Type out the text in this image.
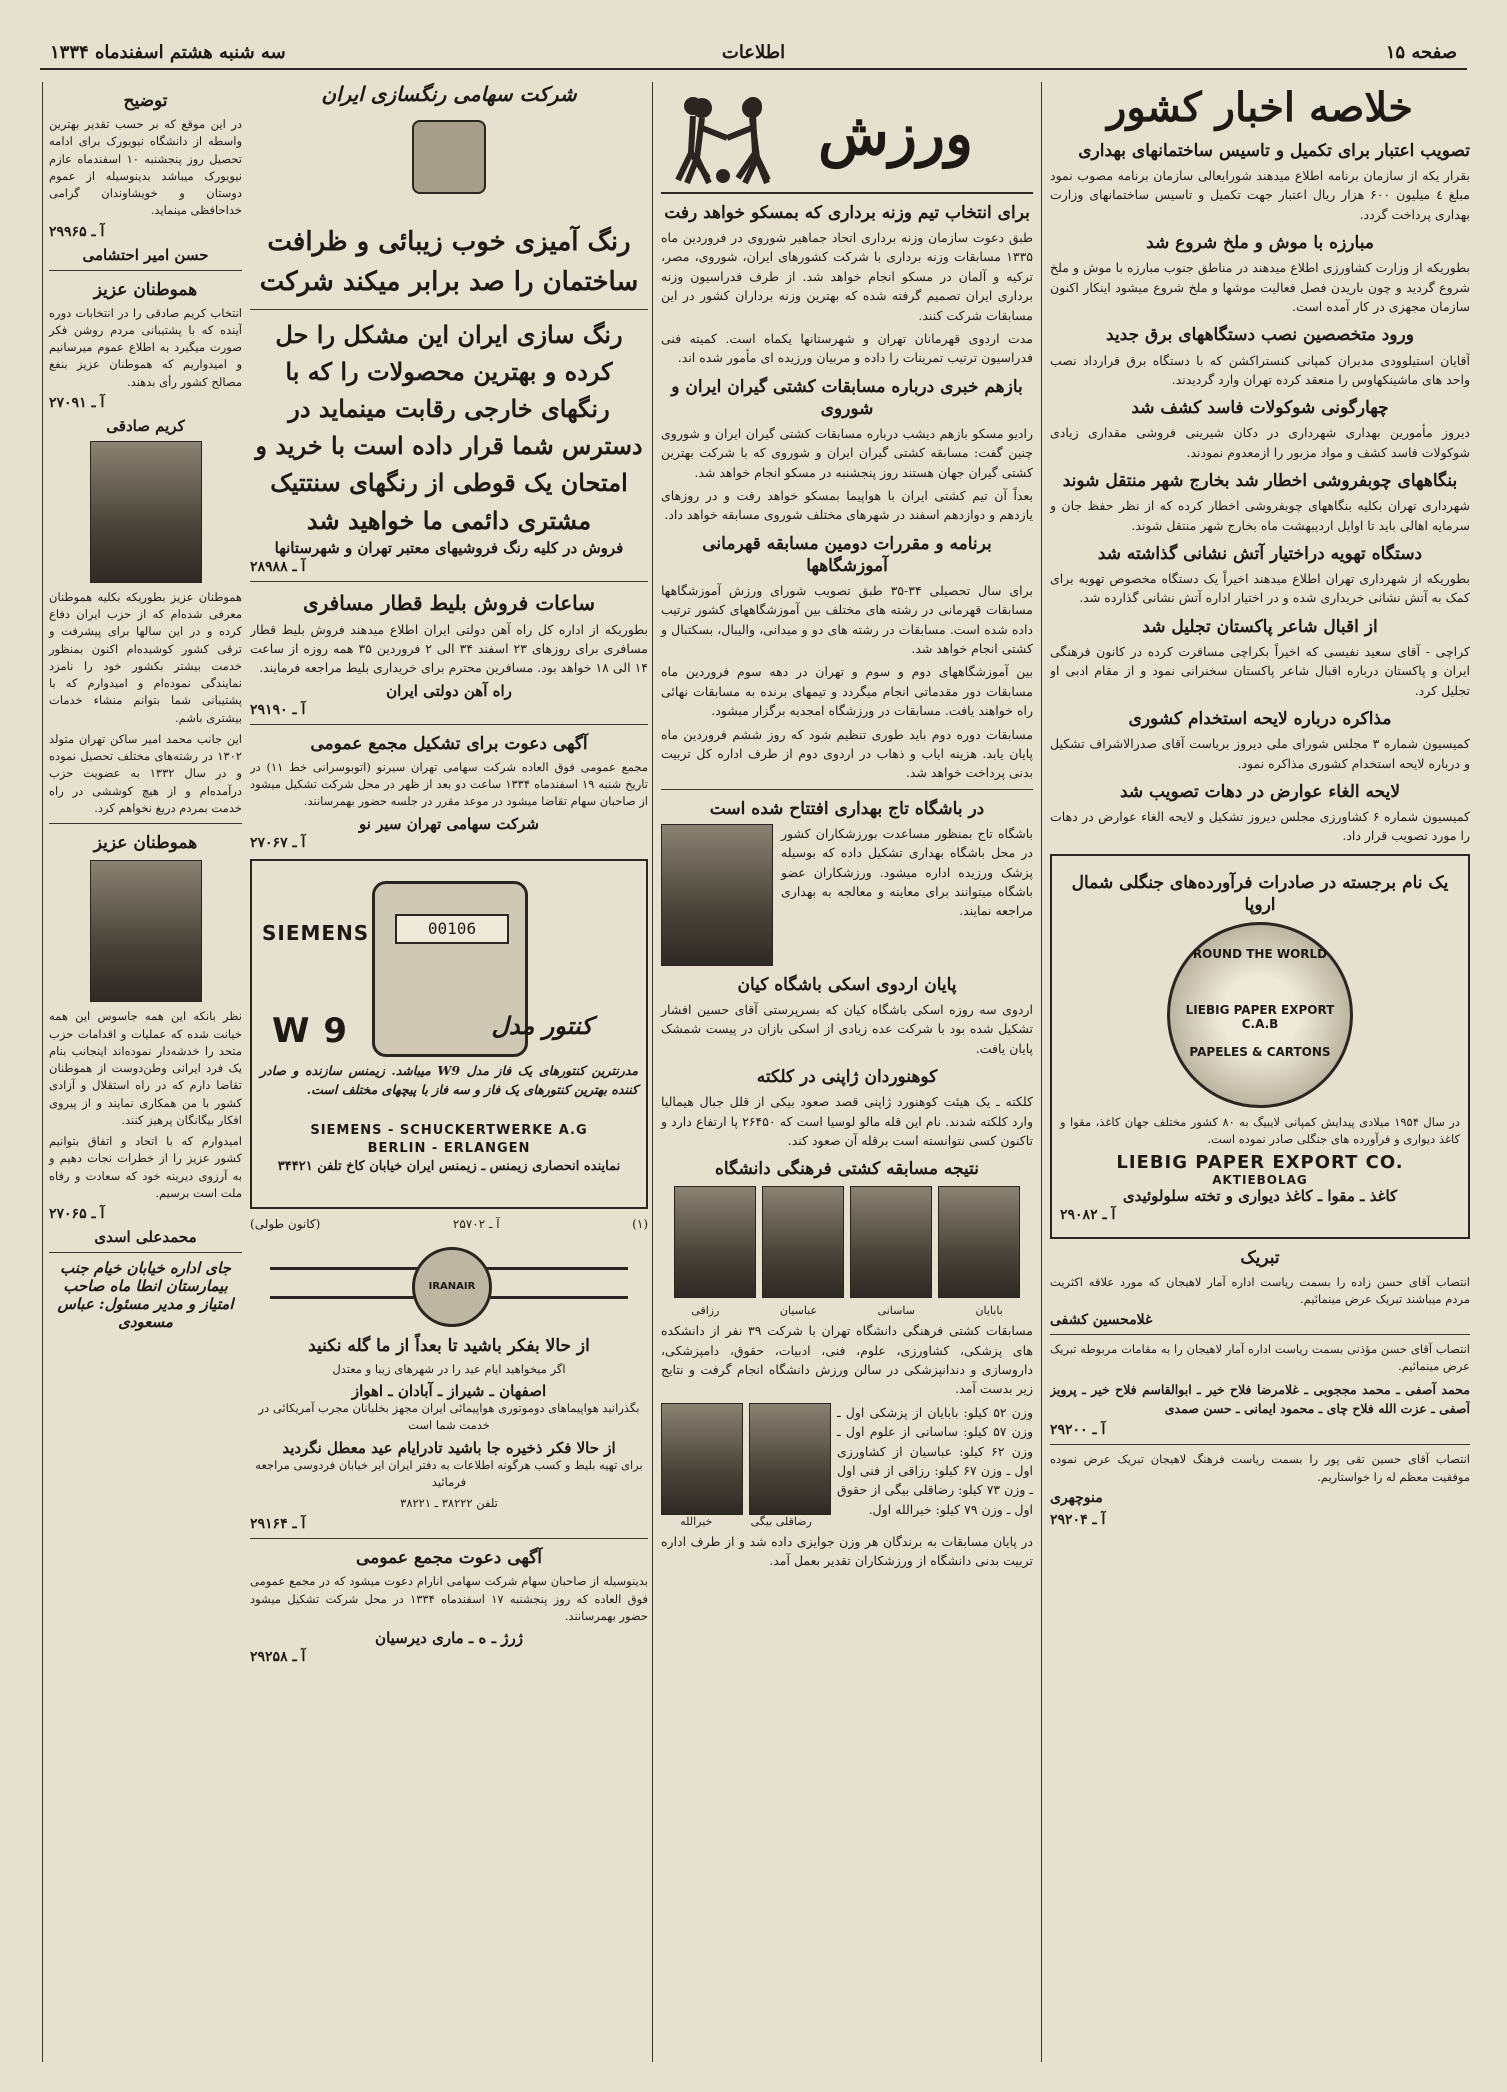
صفحه ۱۵
اطلاعات
سه شنبه هشتم اسفندماه ۱۳۳۴
خلاصه اخبار کشور
تصویب اعتبار برای تکمیل و تاسیس ساختمانهای بهداری
بقرار یکه از سازمان برنامه اطلاع میدهند شورایعالی سازمان برنامه مصوب نمود مبلغ ٤ میلیون ۶٠٠ هزار ریال اعتبار جهت تکمیل و تاسیس ساختمانهای وزارت بهداری پرداخت گردد.
مبارزه با موش و ملخ شروع شد
بطوریکه از وزارت کشاورزی اطلاع میدهند در مناطق جنوب مبارزه با موش و ملخ شروع گردید و چون باریدن فصل فعالیت موشها و ملخ شروع میشود اینکار اکنون سازمان مجهزی در کار آمده است.
ورود متخصصین نصب دستگاههای برق جدید
آقایان استیلوودی مدیران کمپانی کنستراکشن که با دستگاه برق قرارداد نصب واحد های ماشینکهاوس را منعقد کرده تهران وارد گردیدند.
چهارگونی شوکولات فاسد کشف شد
دیروز مأمورین بهداری شهرداری در دکان شیرینی فروشی مقداری زیادی شوکولات فاسد کشف و مواد مزبور را ازمعدوم نمودند.
بنگاههای چوبفروشی اخطار شد بخارج شهر منتقل شوند
شهرداری تهران بکلیه بنگاههای چوبفروشی اخطار کرده که از نظر حفظ جان و سرمایه اهالی باید تا اوایل اردیبهشت ماه بخارج شهر منتقل شوند.
دستگاه تهویه دراختیار آتش نشانی گذاشته شد
بطوریکه از شهرداری تهران اطلاع میدهند اخیراً یک دستگاه مخصوص تهویه برای کمک به آتش نشانی خریداری شده و در اختیار اداره آتش نشانی گذارده شد.
از اقبال شاعر پاکستان تجلیل شد
کراچی - آقای سعید نفیسی که اخیراً بکراچی مسافرت کرده در کانون فرهنگی ایران و پاکستان درباره اقبال شاعر پاکستان سخنرانی نمود و از مقام ادبی او تجلیل کرد.
مذاکره درباره لایحه استخدام کشوری
کمیسیون شماره ۳ مجلس شورای ملی دیروز بریاست آقای صدرالاشراف تشکیل و درباره لایحه استخدام کشوری مذاکره نمود.
لایحه الغاء عوارض در دهات تصویب شد
کمیسیون شماره ۶ کشاورزی مجلس دیروز تشکیل و لایحه الغاء عوارض در دهات را مورد تصویب قرار داد.
یک نام برجسته در صادرات فرآورده‌های جنگلی شمال اروپا
ROUND THE WORLD
LIEBIG PAPER EXPORT C.A.B
PAPELES & CARTONS
در سال ۱۹۵۴ میلادی پیدایش کمپانی لایبیگ به ۸٠ کشور مختلف جهان کاغذ، مقوا و کاغذ دیواری و فرآورده های جنگلی صادر نموده است.
LIEBIG PAPER EXPORT CO.
AKTIEBOLAG
کاغذ ـ مقوا ـ کاغذ دیواری و تخته سلولوئیدی
آ ـ ۲۹۰۸۲
تبریک
انتصاب آقای حسن زاده را بسمت ریاست اداره آمار لاهیجان که مورد علاقه اکثریت مردم میباشند تبریک عرض مینمائیم.
غلامحسین کشفی
انتصاب آقای حسن مؤذنی بسمت ریاست اداره آمار لاهیجان را به مقامات مربوطه تبریک عرض مینمائیم.
محمد آصفی ـ محمد مججوبی ـ غلامرضا فلاح خیر ـ ابوالقاسم فلاح خیر ـ پرویز آصفی ـ عزت الله فلاح چای ـ محمود ایمانی ـ حسن صمدی
آ ـ ۲۹۲۰۰
انتصاب آقای حسین تقی پور را بسمت ریاست فرهنگ لاهیجان تبریک عرض نموده موفقیت معظم له را خواستاریم.
منوچهری
آ ـ ۲۹۲۰۴
ورزش
برای انتخاب تیم وزنه برداری که بمسکو خواهد رفت
طبق دعوت سازمان وزنه برداری اتحاد جماهیر شوروی در فروردین ماه ۱۳۳۵ مسابقات وزنه برداری با شرکت کشورهای ایران، شوروی، مصر، ترکیه و آلمان در مسکو انجام خواهد شد. از طرف فدراسیون وزنه برداری ایران تصمیم گرفته شده که بهترین وزنه برداران کشور در این مسابقات شرکت کنند.
مدت اردوی قهرمانان تهران و شهرستانها یکماه است. کمیته فنی فدراسیون ترتیب تمرینات را داده و مربیان ورزیده ای مأمور شده اند.
بازهم خبری درباره مسابقات کشتی گیران ایران و شوروی
رادیو مسکو بازهم دیشب درباره مسابقات کشتی گیران ایران و شوروی چنین گفت: مسابقه کشتی گیران ایران و شوروی که با شرکت بهترین کشتی گیران جهان هستند روز پنجشنبه در مسکو انجام خواهد شد.
بعداً آن تیم کشتی ایران با هواپیما بمسکو خواهد رفت و در روزهای یازدهم و دوازدهم اسفند در شهرهای مختلف شوروی مسابقه خواهد داد.
برنامه و مقررات دومین مسابقه قهرمانی آموزشگاهها
برای سال تحصیلی ۳۴-۳۵ طبق تصویب شورای ورزش آموزشگاهها مسابقات قهرمانی در رشته های مختلف بین آموزشگاههای کشور ترتیب داده شده است. مسابقات در رشته های دو و میدانی، والیبال، بسکتبال و کشتی انجام خواهد شد.
بین آموزشگاههای دوم و سوم و تهران در دهه سوم فروردین ماه مسابقات دور مقدماتی انجام میگردد و تیمهای برنده به مسابقات نهائی راه خواهند یافت. مسابقات در ورزشگاه امجدیه برگزار میشود.
مسابقات دوره دوم باید طوری تنظیم شود که روز ششم فروردین ماه پایان یابد. هزینه ایاب و ذهاب در اردوی دوم از طرف اداره کل تربیت بدنی پرداخت خواهد شد.
در باشگاه تاج بهداری افتتاح شده است
باشگاه تاج بمنظور مساعدت بورزشکاران کشور در محل باشگاه بهداری تشکیل داده که بوسیله پزشک ورزیده اداره میشود. ورزشکاران عضو باشگاه میتوانند برای معاینه و معالجه به بهداری مراجعه نمایند.
پایان اردوی اسکی باشگاه کیان
اردوی سه روزه اسکی باشگاه کیان که بسرپرستی آقای حسین افشار تشکیل شده بود با شرکت عده زیادی از اسکی بازان در پیست شمشک پایان یافت.
کوهنوردان ژاپنی در کلکته
کلکته ـ یک هیئت کوهنورد ژاپنی قصد صعود بیکی از قلل جبال هیمالیا وارد کلکته شدند. نام این قله مالو لوسیا است که ۲۶۴۵۰ پا ارتفاع دارد و تاکنون کسی نتوانسته است برقله آن صعود کند.
نتیجه مسابقه کشتی فرهنگی دانشگاه
بابایان
ساسانی
عباسیان
رزاقی
مسابقات کشتی فرهنگی دانشگاه تهران با شرکت ۳۹ نفر از دانشکده های پزشکی، کشاورزی، علوم، فنی، ادبیات، حقوق، دامپزشکی، داروسازی و دندانپزشکی در سالن ورزش دانشگاه انجام گرفت و نتایج زیر بدست آمد.
وزن ۵۲ کیلو: بابایان از پزشکی اول ـ وزن ۵۷ کیلو: ساسانی از علوم اول ـ وزن ۶۲ کیلو: عباسیان از کشاورزی اول ـ وزن ۶۷ کیلو: رزاقی از فنی اول ـ وزن ۷۳ کیلو: رضاقلی بیگی از حقوق اول ـ وزن ۷۹ کیلو: خیرالله اول.
رضاقلی بیگی
خیرالله
در پایان مسابقات به برندگان هر وزن جوایزی داده شد و از طرف اداره تربیت بدنی دانشگاه از ورزشکاران تقدیر بعمل آمد.
شرکت سهامی رنگسازی ایران
رنگ آمیزی خوب زیبائی و ظرافت ساختمان را صد برابر میکند شرکت
رنگ سازی ایران این مشکل را حل کرده و بهترین محصولات را که با رنگهای خارجی رقابت مینماید در دسترس شما قرار داده است با خرید و امتحان یک قوطی از رنگهای سنتتیک مشتری دائمی ما خواهید شد
فروش در کلیه رنگ فروشیهای معتبر تهران و شهرستانها
آ ـ ۲۸۹۸۸
ساعات فروش بلیط قطار مسافری
بطوریکه از اداره کل راه آهن دولتی ایران اطلاع میدهند فروش بلیط قطار مسافری برای روزهای ۲۳ اسفند ۳۴ الی ۲ فروردین ۳۵ همه روزه از ساعت ۱۴ الی ۱۸ خواهد بود. مسافرین محترم برای خریداری بلیط مراجعه فرمایند.
راه آهن دولتی ایران
آ ـ ۲۹۱۹۰
آگهی دعوت برای تشکیل مجمع عمومی
مجمع عمومی فوق العاده شرکت سهامی تهران سیرنو (اتوبوسرانی خط ۱۱) در تاریخ شنبه ۱۹ اسفندماه ۱۳۳۴ ساعت دو بعد از ظهر در محل شرکت تشکیل میشود از صاحبان سهام تقاضا میشود در موعد مقرر در جلسه حضور بهمرسانند.
شرکت سهامی تهران سیر نو
آ ـ ۲۷۰۶۷
SIEMENS	00106
W 9	کنتور مدل
مدرنترین کنتورهای یک فاز مدل W9 میباشد. زیمنس سازنده و صادر کننده بهترین کنتورهای یک فاز و سه فاز با پیچهای مختلف است.
SIEMENS - SCHUCKERTWERKE A.G
BERLIN - ERLANGEN
نماینده انحصاری زیمنس ـ زیمنس ایران خیابان کاخ تلفن ۳۴۴۲۱
(۱)
آ ـ ۲۵۷۰۲
(کانون طولی)
IRANAIR
از حالا بفکر باشید تا بعداً از ما گله نکنید
اگر میخواهید ایام عید را در شهرهای زیبا و معتدل
اصفهان ـ شیراز ـ آبادان ـ اهواز
بگذرانید هواپیماهای دوموتوری هواپیمائی ایران مجهز بخلبانان مجرب آمریکائی در خدمت شما است
از حالا فکر ذخیره جا باشید تادرایام عید معطل نگردید
برای تهیه بلیط و کسب هرگونه اطلاعات به دفتر ایران ایر خیابان فردوسی مراجعه فرمائید
تلفن ۳۸۲۲۲ ـ ۳۸۲۲۱
آ ـ ۲۹۱۶۴
آگهی دعوت مجمع عمومی
بدینوسیله از صاحبان سهام شرکت سهامی انارام دعوت میشود که در مجمع عمومی فوق العاده که روز پنجشنبه ۱۷ اسفندماه ۱۳۳۴ در محل شرکت تشکیل میشود حضور بهمرسانند.
ژرژ ـ ه ـ ماری دیرسیان
آ ـ ۲۹۲۵۸
توضیح
در این موقع که بر حسب تقدیر بهترین واسطه از دانشگاه نیویورک برای ادامه تحصیل روز پنجشنبه ۱۰ اسفندماه عازم نیویورک میباشد بدینوسیله از عموم دوستان و خویشاوندان گرامی خداحافظی مینماید.
آ ـ ۲۹۹۶۵
حسن امیر احتشامی
هموطنان عزیز
انتخاب کریم صادقی را در انتخابات دوره آینده که با پشتیبانی مردم روشن فکر صورت میگیرد به اطلاع عموم میرسانیم و امیدواریم که هموطنان عزیز بنفع مصالح کشور رأی بدهند.
آ ـ ۲۷۰۹۱
کریم صادقی
هموطنان عزیز بطوریکه بکلیه هموطنان معرفی شده‌ام که از حزب ایران دفاع کرده و در این سالها برای پیشرفت و ترقی کشور کوشیده‌ام اکنون بمنظور خدمت بیشتر بکشور خود را نامزد نمایندگی نموده‌ام و امیدوارم که با پشتیبانی شما بتوانم منشاء خدمات بیشتری باشم.
این جانب محمد امیر ساکن تهران متولد ۱۳۰۲ در رشته‌های مختلف تحصیل نموده و در سال ۱۳۳۲ به عضویت حزب درآمده‌ام و از هیچ کوششی در راه خدمت بمردم دریغ نخواهم کرد.
هموطنان عزیز
نظر بانکه این همه جاسوس این همه خیانت شده که عملیات و اقدامات حزب متحد را خدشه‌دار نموده‌اند اینجانب بنام یک فرد ایرانی وطن‌دوست از هموطنان تقاضا دارم که در راه استقلال و آزادی کشور با من همکاری نمایند و از پیروی افکار بیگانگان پرهیز کنند.
امیدوارم که با اتحاد و اتفاق بتوانیم کشور عزیز را از خطرات نجات دهیم و به آرزوی دیرینه خود که سعادت و رفاه ملت است برسیم.
آ ـ ۲۷۰۶۵
محمدعلی اسدی
جای اداره خیابان خیام جنب بیمارستان انطا ماه صاحب امتیاز و مدیر مسئول: عباس مسعودی
